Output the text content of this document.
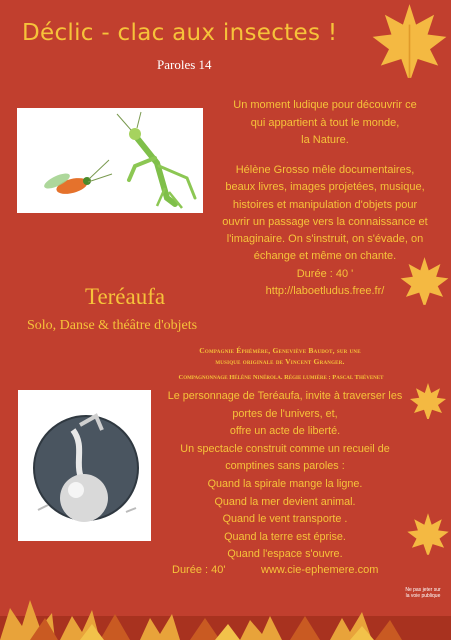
Déclic - clac aux insectes !
Paroles 14
Un moment ludique pour découvrir ce
qui appartient à tout le monde,
la Nature.
Hélène Grosso mêle documentaires,
beaux livres, images projetées, musique,
histoires et manipulation d'objets pour
ouvrir un passage vers la connaissance et
l'imaginaire. On s'instruit, on s'évade, on
échange et même on chante.
Durée : 40 '
http://laboetludus.free.fr/
Teréaufa
Solo, Danse & théâtre d'objets
Compagnie Éphémère, Geneviève Baudot, sur une
musique originale de Vincent Granger.
Compagnonnage Hélène Ninérola. Régie lumière : Pascal Thévenet
Le personnage de Teréaufa, invite à traverser les
portes de l'univers, et,
offre un acte de liberté.
Un spectacle construit comme un recueil de
comptines sans paroles :
Quand la spirale mange la ligne.
Quand la mer devient animal.
Quand le vent transporte .
Quand la terre est éprise.
Quand l'espace s'ouvre.
Durée : 40'	www.cie-ephemere.com
Ne pas jeter sur la voie publique
